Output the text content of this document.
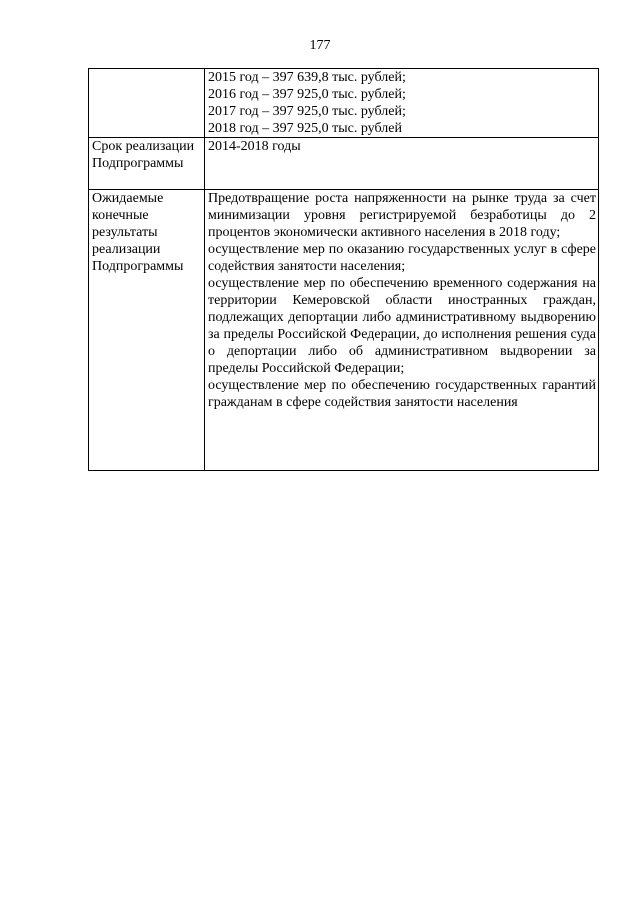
177

	2015 год – 397 639,8 тыс. рублей;
2016 год – 397 925,0 тыс. рублей;
2017 год – 397 925,0 тыс. рублей;
2018 год – 397 925,0 тыс. рублей

Срок реализации Подпрограммы	2014-2018 годы
Ожидаемые конечные результаты реализации Подпрограммы	Предотвращение роста напряженности на рынке труда за счет минимизации уровня регистрируемой безработицы до 2 процентов экономически активного населения в 2018 году;
осуществление мер по оказанию государственных услуг в сфере содействия занятости населения;
осуществление мер по обеспечению временного содержания на территории Кемеровской области иностранных граждан, подлежащих депортации либо административному выдворению за пределы Российской Федерации, до исполнения решения суда о депортации либо об административном выдворении за пределы Российской Федерации;
осуществление мер по обеспечению государственных гарантий гражданам в сфере содействия занятости населения
